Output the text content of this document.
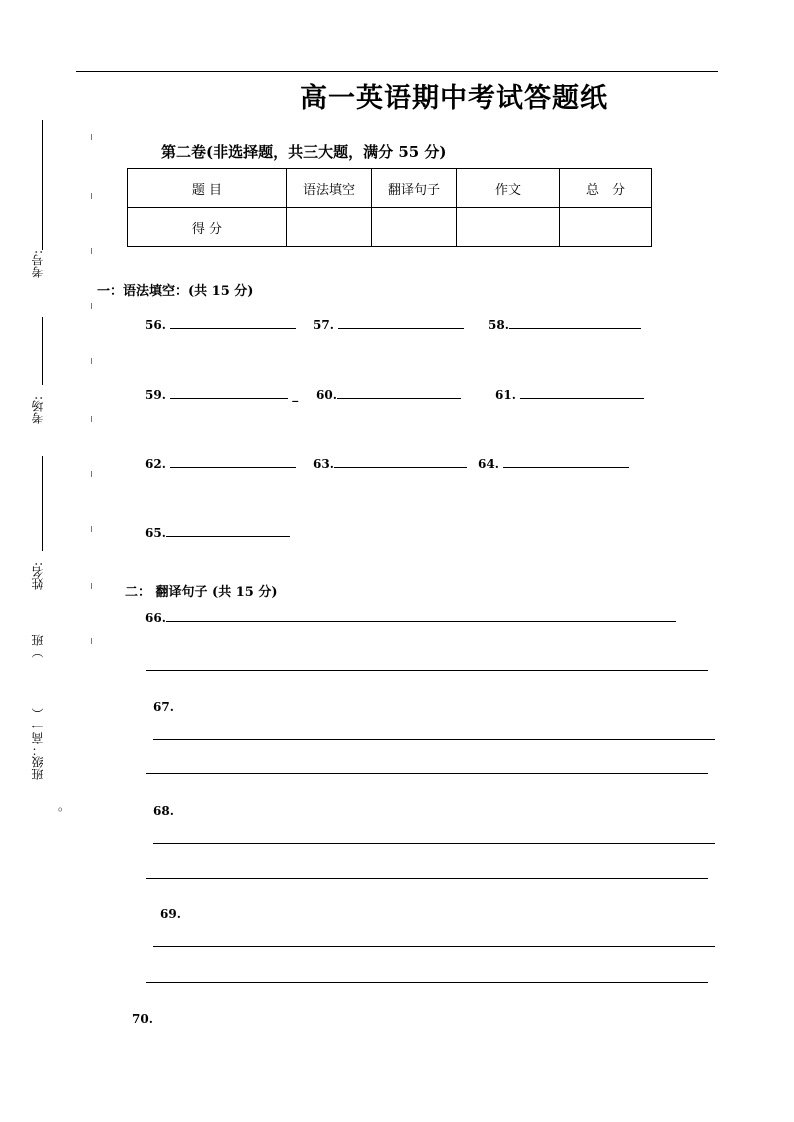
高一英语期中考试答题纸
第二卷(非选择题，共三大题，满分 55 分)
题 目	语法填空	翻译句子	作文	总　分
得 分				
一：语法填空：(共 15 分)
56.	57.	58.
59.	_ 60.	61.
62.	63.	64.
65.
二： 翻译句子 (共 15 分)
66.
67.
68.
69.
70.
考号:
考场:
姓名:
）班
班级：高一（
。
